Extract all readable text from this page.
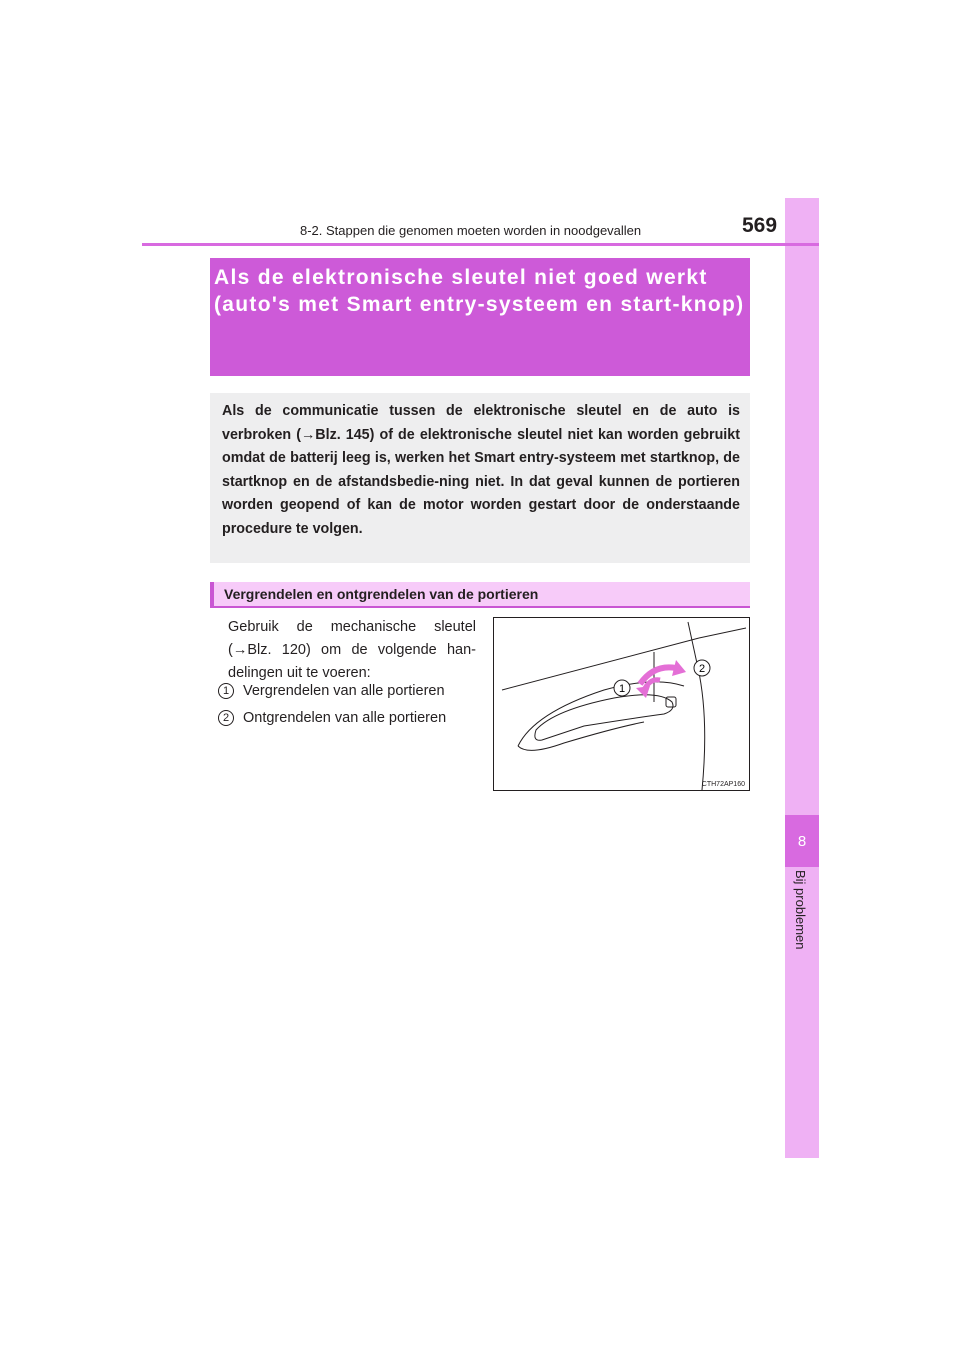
8
Bij problemen
8-2. Stappen die genomen moeten worden in noodgevallen	569
Als de elektronische sleutel niet goed werkt
(auto's met Smart entry-systeem en start-knop)

Als de communicatie tussen de elektronische sleutel en de auto is verbroken (→Blz. 145) of de elektronische sleutel niet kan worden gebruikt omdat de batterij leeg is, werken het Smart entry-systeem met startknop, de startknop en de afstandsbedie-ning niet. In dat geval kunnen de portieren worden geopend of kan de motor worden gestart door de onderstaande procedure te volgen.

Vergrendelen en ontgrendelen van de portieren

Gebruik de mechanische sleutel (→Blz. 120) om de volgende han-delingen uit te voeren:

1 Vergrendelen van alle portieren
2 Ontgrendelen van alle portieren
1
2
CTH72AP160
